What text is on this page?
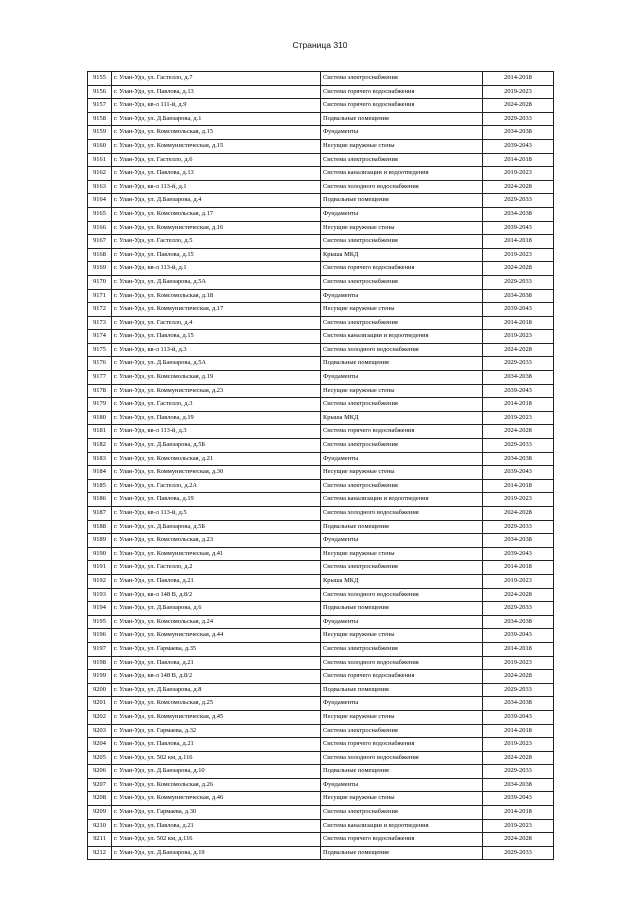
Страница 310
9155	г. Улан-Удэ, ул. Гастелло, д.7	Система электроснабжения	2014-2018
9156	г. Улан-Удэ, ул. Павлова, д.13	Система горячего водоснабжения	2019-2023
9157	г. Улан-Удэ, кв-л 111-й, д.9	Система горячего водоснабжения	2024-2028
9158	г. Улан-Удэ, ул. Д.Банзарова, д.1	Подвальные помещения	2029-2033
9159	г. Улан-Удэ, ул. Комсомольская, д.15	Фундаменты	2034-2038
9160	г. Улан-Удэ, ул. Коммунистическая, д.15	Несущие наружные стены	2039-2043
9161	г. Улан-Удэ, ул. Гастелло, д.6	Система электроснабжения	2014-2018
9162	г. Улан-Удэ, ул. Павлова, д.13	Система канализации и водоотведения	2019-2023
9163	г. Улан-Удэ, кв-л 113-й, д.1	Система холодного водоснабжения	2024-2028
9164	г. Улан-Удэ, ул. Д.Банзарова, д.4	Подвальные помещения	2029-2033
9165	г. Улан-Удэ, ул. Комсомольская, д.17	Фундаменты	2034-2038
9166	г. Улан-Удэ, ул. Коммунистическая, д.16	Несущие наружные стены	2039-2043
9167	г. Улан-Удэ, ул. Гастелло, д.5	Система электроснабжения	2014-2018
9168	г. Улан-Удэ, ул. Павлова, д.15	Крыша МКД	2019-2023
9169	г. Улан-Удэ, кв-л 113-й, д.1	Система горячего водоснабжения	2024-2028
9170	г. Улан-Удэ, ул. Д.Банзарова, д.5А	Система электроснабжения	2029-2033
9171	г. Улан-Удэ, ул. Комсомольская, д.18	Фундаменты	2034-2038
9172	г. Улан-Удэ, ул. Коммунистическая, д.17	Несущие наружные стены	2039-2043
9173	г. Улан-Удэ, ул. Гастелло, д.4	Система электроснабжения	2014-2018
9174	г. Улан-Удэ, ул. Павлова, д.15	Система канализации и водоотведения	2019-2023
9175	г. Улан-Удэ, кв-л 113-й, д.3	Система холодного водоснабжения	2024-2028
9176	г. Улан-Удэ, ул. Д.Банзарова, д.5А	Подвальные помещения	2029-2033
9177	г. Улан-Удэ, ул. Комсомольская, д.19	Фундаменты	2034-2038
9178	г. Улан-Удэ, ул. Коммунистическая, д.23	Несущие наружные стены	2039-2043
9179	г. Улан-Удэ, ул. Гастелло, д.3	Система электроснабжения	2014-2018
9180	г. Улан-Удэ, ул. Павлова, д.19	Крыша МКД	2019-2023
9181	г. Улан-Удэ, кв-л 113-й, д.3	Система горячего водоснабжения	2024-2028
9182	г. Улан-Удэ, ул. Д.Банзарова, д.5Б	Система электроснабжения	2029-2033
9183	г. Улан-Удэ, ул. Комсомольская, д.21	Фундаменты	2034-2038
9184	г. Улан-Удэ, ул. Коммунистическая, д.30	Несущие наружные стены	2039-2043
9185	г. Улан-Удэ, ул. Гастелло, д.2А	Система электроснабжения	2014-2018
9186	г. Улан-Удэ, ул. Павлова, д.19	Система канализации и водоотведения	2019-2023
9187	г. Улан-Удэ, кв-л 113-й, д.5	Система холодного водоснабжения	2024-2028
9188	г. Улан-Удэ, ул. Д.Банзарова, д.5Б	Подвальные помещения	2029-2033
9189	г. Улан-Удэ, ул. Комсомольская, д.23	Фундаменты	2034-2038
9190	г. Улан-Удэ, ул. Коммунистическая, д.41	Несущие наружные стены	2039-2043
9191	г. Улан-Удэ, ул. Гастелло, д.2	Система электроснабжения	2014-2018
9192	г. Улан-Удэ, ул. Павлова, д.21	Крыша МКД	2019-2023
9193	г. Улан-Удэ, кв-л 148 В, д.8/2	Система холодного водоснабжения	2024-2028
9194	г. Улан-Удэ, ул. Д.Банзарова, д.6	Подвальные помещения	2029-2033
9195	г. Улан-Удэ, ул. Комсомольская, д.24	Фундаменты	2034-2038
9196	г. Улан-Удэ, ул. Коммунистическая, д.44	Несущие наружные стены	2039-2043
9197	г. Улан-Удэ, ул. Гармаева, д.35	Система электроснабжения	2014-2018
9198	г. Улан-Удэ, ул. Павлова, д.21	Система холодного водоснабжения	2019-2023
9199	г. Улан-Удэ, кв-л 148 В, д.8/2	Система горячего водоснабжения	2024-2028
9200	г. Улан-Удэ, ул. Д.Банзарова, д.8	Подвальные помещения	2029-2033
9201	г. Улан-Удэ, ул. Комсомольская, д.25	Фундаменты	2034-2038
9202	г. Улан-Удэ, ул. Коммунистическая, д.45	Несущие наружные стены	2039-2043
9203	г. Улан-Удэ, ул. Гармаева, д.32	Система электроснабжения	2014-2018
9204	г. Улан-Удэ, ул. Павлова, д.21	Система горячего водоснабжения	2019-2023
9205	г. Улан-Удэ, ул. 502 км, д.116	Система холодного водоснабжения	2024-2028
9206	г. Улан-Удэ, ул. Д.Банзарова, д.10	Подвальные помещения	2029-2033
9207	г. Улан-Удэ, ул. Комсомольская, д.26	Фундаменты	2034-2038
9208	г. Улан-Удэ, ул. Коммунистическая, д.46	Несущие наружные стены	2039-2043
9209	г. Улан-Удэ, ул. Гармаева, д.30	Система электроснабжения	2014-2018
9210	г. Улан-Удэ, ул. Павлова, д.21	Система канализации и водоотведения	2019-2023
9211	г. Улан-Удэ, ул. 502 км, д.116	Система горячего водоснабжения	2024-2028
9212	г. Улан-Удэ, ул. Д.Банзарова, д.19	Подвальные помещения	2029-2033
